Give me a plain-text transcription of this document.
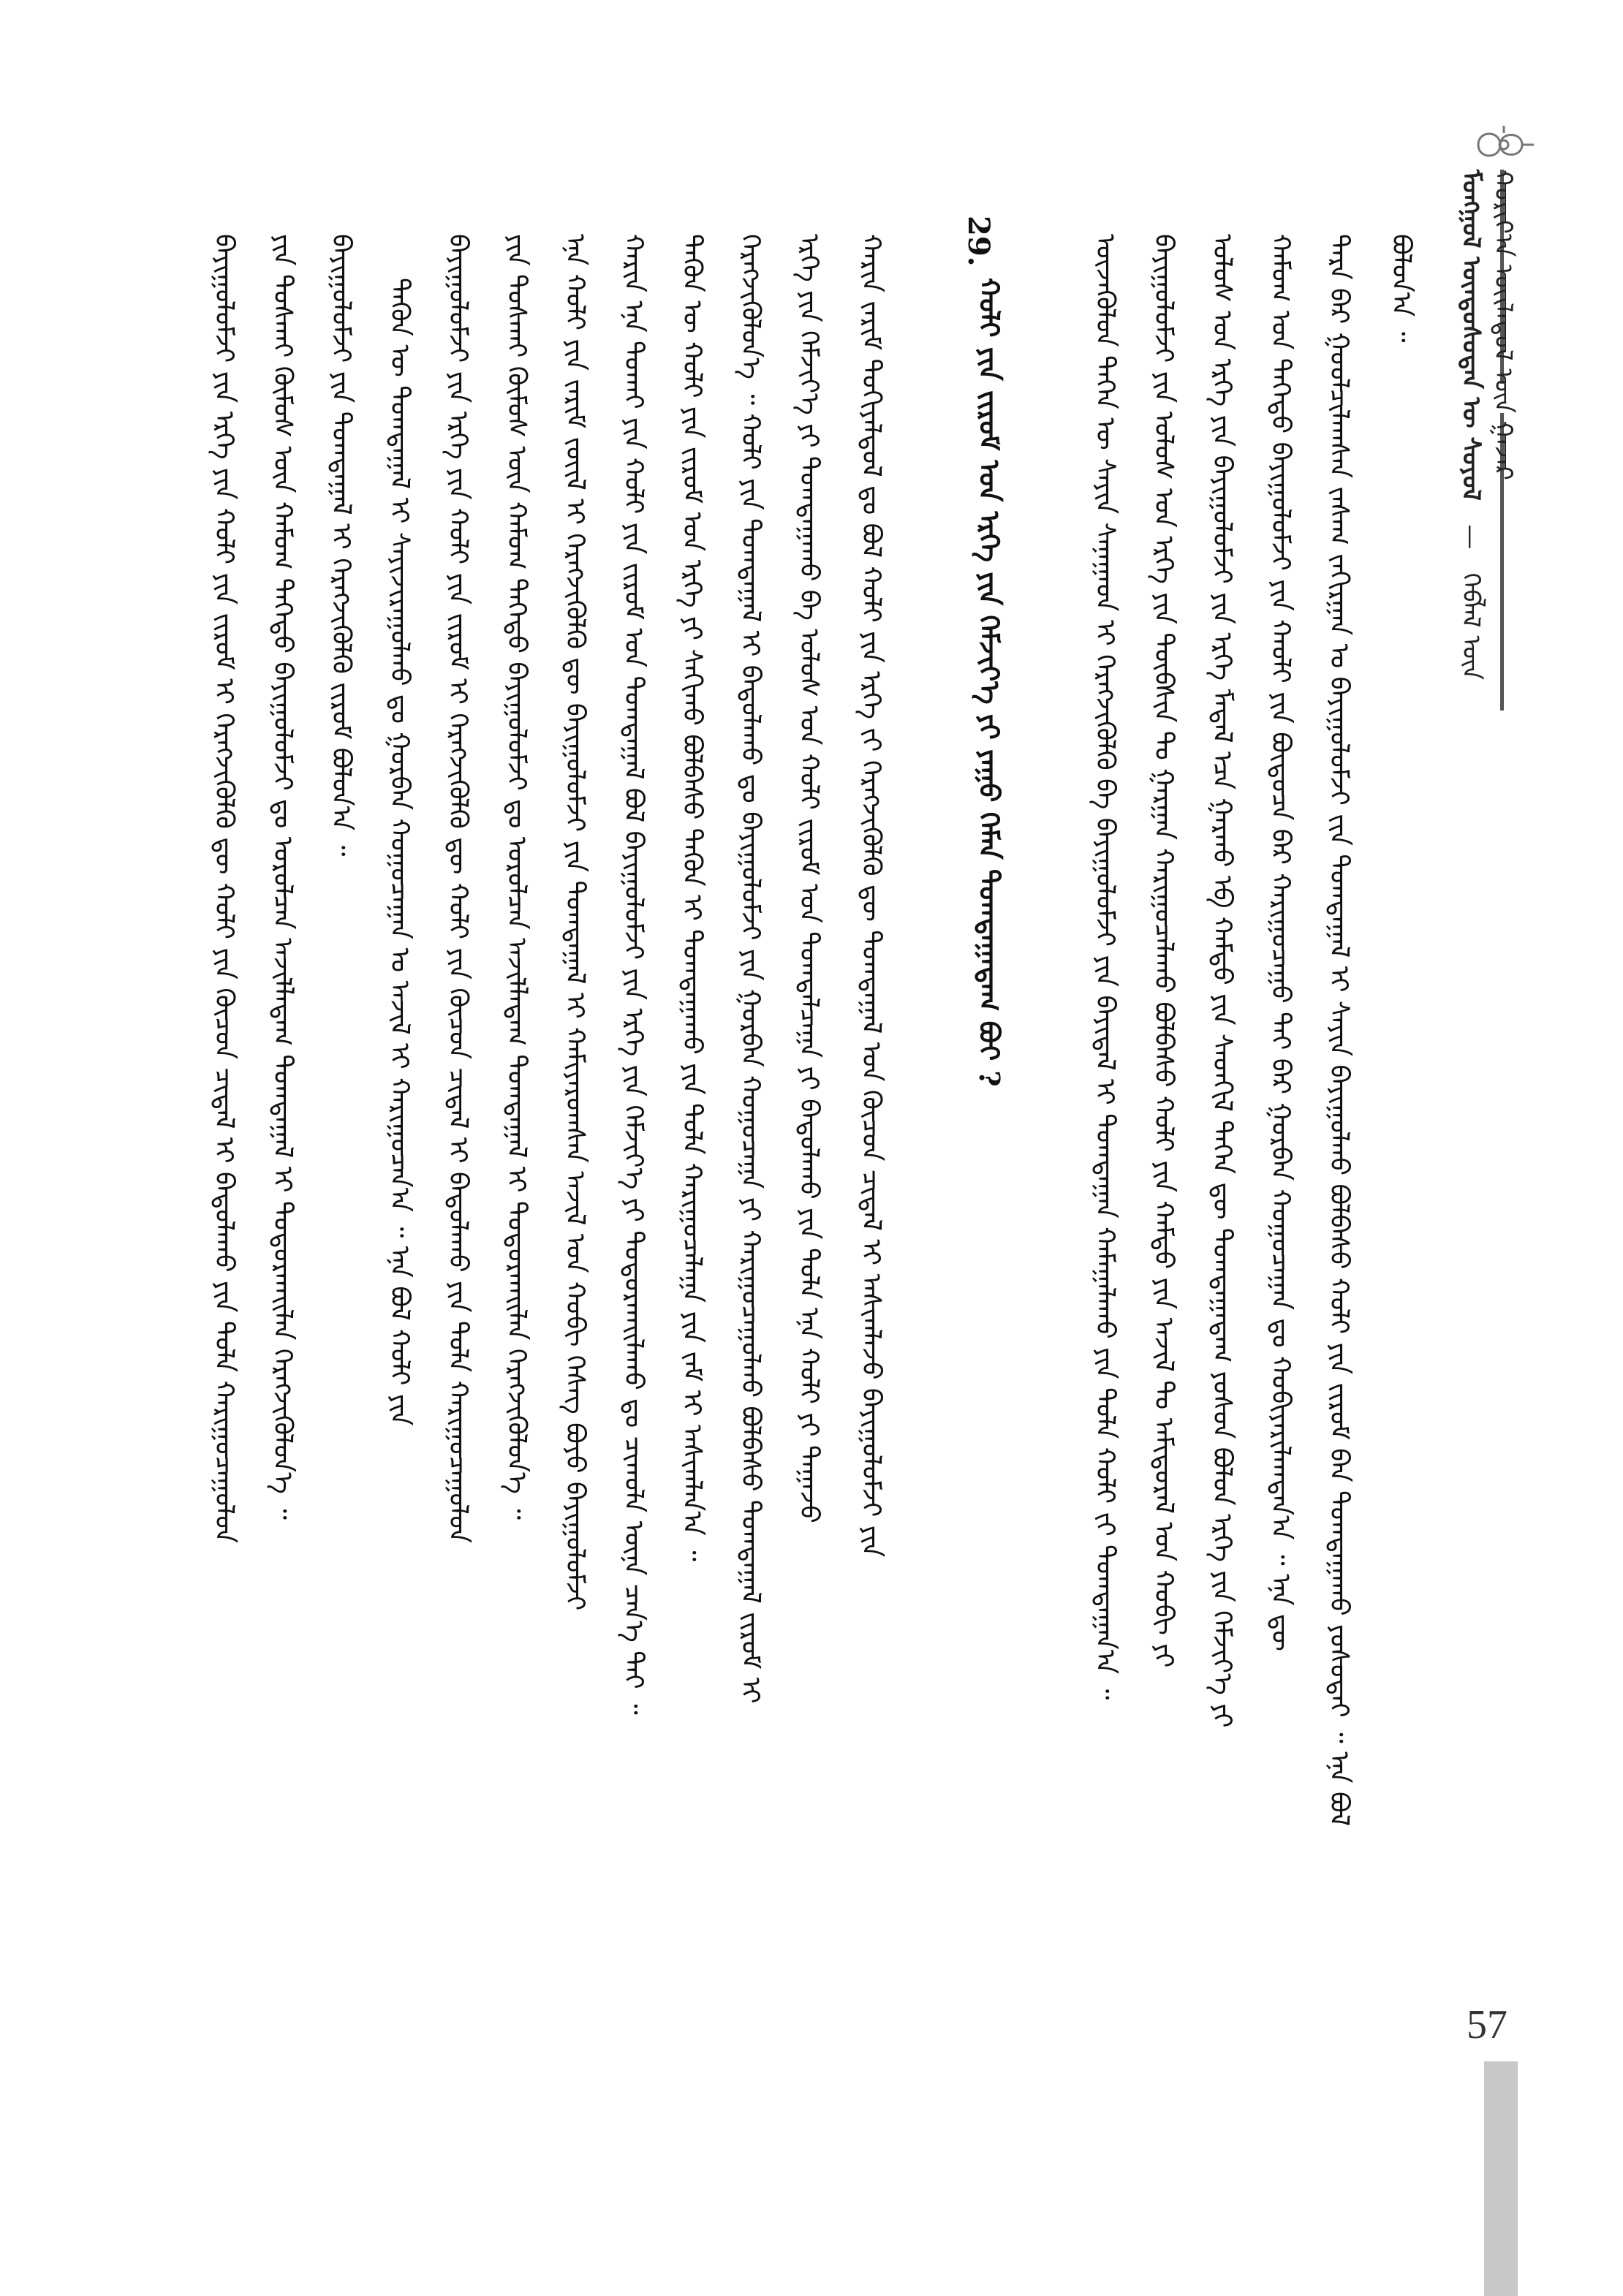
ᠮᠣᠩᠭᠣᠯ ᠦᠨᠳᠦᠰᠦᠲᠡᠨ ᠦ ᠰᠣᠶᠣᠯ   —   ᠬᠡᠪᠯᠡᠯ ᠦᠨ ᠬᠣᠷᠢᠶ᠎ᠠ ᠦᠢᠯᠡᠳᠦᠯ ᠦᠨ ᠭᠠᠵᠠᠷ
ᠪᠣᠯᠤᠨ᠎ᠠ ᠃
ᠲᠡᠷᠡ ᠪᠡᠷ ᠭᠣᠣᠯᠴᠢᠯᠠᠭᠰᠠᠨ ᠵᠠᠰᠠᠭ ᠵᠠᠬᠢᠷᠭᠠᠨ ᠤ ᠪᠠᠶᠢᠭᠤᠯᠤᠮᠵᠢ ᠵᠢᠨ ᠲᠣᠭᠲᠠᠭᠠᠯ ᠢ ᠰᠠᠶᠢᠨ ᠪᠠᠶᠢᠭᠤᠯᠬᠤ ᠪᠣᠯᠪᠠᠰᠤ ᠬᠤᠯᠢ ᠶᠢᠨ ᠵᠢᠷᠤᠮ ᠪᠠᠨ ᠲᠣᠭᠲᠠᠭᠠᠬᠤ ᠶᠣᠰᠣᠲᠠᠢ ᠃ ᠡᠨᠡ ᠪᠣᠯ
ᠬᠠᠮᠤᠭ ᠤᠨ ᠳᠡᠭᠡᠳᠦ ᠪᠠᠶᠢᠭᠤᠯᠤᠮᠵᠢ ᠶᠢᠨ ᠬᠠᠤᠯᠢ ᠶᠢᠨ ᠪᠦᠲᠦᠴᠡ ᠪᠡᠷ ᠬᠠᠷᠢᠭᠤᠴᠠᠭᠤ ᠲᠠᠶ ᠪᠡᠷ ᠭᠤᠷᠪᠠᠨ ᠬᠤᠭᠤᠴᠠᠭᠠᠨ ᠳᠤ ᠬᠤᠪᠢᠶᠠᠷᠢᠯᠠᠭᠳᠠᠨ᠎ᠠ ᠃ ᠡᠨᠡ ᠳᠦ
ᠤᠯᠤᠰ ᠤᠨ ᠡᠷᠬᠡ ᠶᠢᠨ ᠪᠠᠶᠢᠭᠤᠯᠤᠮᠵᠢ ᠶᠢᠨ ᠡᠷᠬᠡ ᠮᠡᠳᠡᠯ ᠡᠴᠡ ᠭᠠᠷᠬᠤ ᠡᠪ ᠬᠠᠮᠲᠤ ᠶᠢᠨ ᠰᠡᠳᠬᠢᠯ ᠲᠡᠭᠡᠨ ᠳᠦ ᠲᠣᠭᠲᠠᠭᠠᠳᠠᠭ ᠶᠣᠰᠣᠨ ᠪᠣᠯᠤᠨ ᠡᠷᠬᠡ ᠶᠢᠨ ᠬᠡᠮᠵᠢᠶ᠎ᠡ ᠶᠢ
ᠪᠠᠶᠢᠭᠤᠯᠤᠮᠵᠢ ᠶᠢᠨ ᠤᠯᠤᠰ ᠤᠨ ᠡᠷᠬᠡ ᠶᠢᠨ ᠲᠦᠪᠰᠢᠨ ᠲᠤ ᠭᠠᠷᠭᠠᠨ ᠬᠠᠷᠢᠭᠤᠴᠠᠯᠠᠬᠤ ᠪᠣᠯᠪᠠᠰᠤ ᠬᠤᠯᠢ ᠶᠢᠨ ᠬᠠᠮᠲᠤ ᠶᠢᠨ ᠠᠵᠢᠯ ᠲᠤ ᠠᠮᠢᠳᠤᠷᠠᠯ ᠤᠨ ᠬᠤᠪᠢ ᠶᠢ
ᠦᠵᠡᠭᠦᠯᠦᠨ ᠲᠡᠭᠡᠨ ᠦ ᠰᠠᠶᠢᠨ ᠰᠠᠨᠠᠭᠠᠳ ᠢ ᠬᠡᠷᠡᠭᠵᠢᠭᠦᠯᠬᠦ ᠪᠠ ᠪᠠᠶᠢᠭᠤᠯᠤᠮᠵᠢ ᠶᠢᠨ ᠪᠠᠶᠢᠳᠠᠯ ᠢ ᠲᠣᠭᠲᠠᠭᠠᠨ ᠬᠠᠮᠠᠭᠠᠯᠠᠬᠤ ᠶᠢᠨ ᠲᠤᠯᠠ ᠬᠤᠯᠢ ᠵᠢ ᠲᠣᠭᠲᠠᠭᠠᠨ᠎ᠠ ᠃
29.
ᠬᠤᠯᠢ ᠶᠢᠨ ᠵᠢᠷᠤᠮ ᠤᠨ ᠡᠷᠬᠡ ᠶᠢᠨ ᠬᠡᠮᠵᠢᠶ᠎ᠡ ᠶᠢ ᠶᠠᠭᠤ ᠬᠡᠮᠡᠨ ᠲᠣᠭᠲᠠᠭᠠᠳᠠᠭ ᠪᠤᠢ ?
ᠬᠠᠷᠢᠨ ᠵᠠᠷᠢᠮ ᠲᠣᠬᠢᠶᠠᠯᠳᠤᠯ ᠳᠤ ᠪᠣᠯ ᠬᠤᠯᠢ ᠶᠢᠨ ᠡᠷᠬᠡ ᠵᠢ ᠬᠡᠷᠡᠭᠵᠢᠭᠦᠯᠬᠦ ᠳᠦ ᠲᠣᠭᠲᠠᠭᠠᠯ ᠤᠨ ᠬᠦᠴᠦᠨ ᠴᠢᠳᠠᠯ ᠢ ᠠᠰᠢᠭᠯᠠᠵᠤ ᠪᠠᠶᠢᠭᠤᠯᠤᠮᠵᠢ ᠶᠢᠨ
ᠡᠷᠬᠡ ᠶᠢᠨ ᠬᠡᠮᠵᠢᠶ᠎ᠡ ᠶᠢ ᠲᠣᠭᠲᠠᠭᠠᠬᠤ ᠪᠠ ᠤᠯᠤᠰ ᠤᠨ ᠬᠤᠯᠢ ᠵᠢᠷᠤᠮ ᠤᠨ ᠲᠣᠭᠲᠠᠯᠴᠠᠭᠠ ᠶᠢ ᠪᠠᠲᠤᠯᠠᠬᠤ ᠶᠢᠨ ᠲᠤᠯᠠ ᠡᠨᠡ ᠬᠤᠯᠢ ᠶᠢ ᠳᠠᠭᠠᠵᠤ
ᠬᠡᠷᠡᠭᠵᠢᠭᠦᠯᠦᠨ᠎ᠡ ᠃ ᠬᠤᠯᠢ ᠶᠢᠨ ᠲᠣᠭᠲᠠᠭᠠᠯ ᠢ ᠪᠠᠲᠤᠯᠠᠬᠤ ᠳᠤ ᠪᠠᠶᠢᠭᠤᠯᠤᠮᠵᠢ ᠶᠢᠨ ᠭᠤᠷᠪᠠᠨ ᠬᠤᠭᠤᠴᠠᠭᠠ ᠶᠢ ᠬᠠᠷᠢᠭᠤᠴᠠᠭᠤᠯᠬᠤ ᠪᠣᠯᠪᠠᠰᠤ ᠲᠣᠭᠲᠠᠭᠠᠯ ᠵᠢᠷᠤᠮ ᠢ
ᠲᠡᠭᠦᠨ ᠦ ᠬᠤᠯᠢ ᠶᠢᠨ ᠵᠢᠷᠤᠮ ᠤᠨ ᠡᠷᠬᠡ ᠶᠢ ᠰᠠᠬᠢᠬᠤ ᠪᠣᠯᠪᠠᠰᠤ ᠲᠡᠭᠦᠨ ᠢ ᠲᠣᠭᠲᠠᠭᠠᠬᠤ ᠶᠢᠨ ᠲᠤᠯᠠ ᠬᠠᠷᠢᠭᠤᠴᠠᠯᠠᠭᠠ ᠶᠢᠨ ᠵᠠᠮ ᠢ ᠠᠰᠢᠭᠯᠠᠨ᠎ᠠ ᠃
ᠬᠠᠷᠢᠨ ᠡᠨᠡ ᠲᠤᠬᠠᠢ ᠶᠢᠨ ᠬᠤᠯᠢ ᠶᠢᠨ ᠵᠢᠷᠤᠮ ᠤᠨ ᠲᠣᠭᠲᠠᠭᠠᠯ ᠪᠣᠯ ᠪᠠᠶᠢᠭᠤᠯᠤᠮᠵᠢ ᠶᠢᠨ ᠡᠷᠬᠡ ᠶᠢᠨ ᠬᠡᠮᠵᠢᠶ᠎ᠡ ᠶᠢ ᠲᠣᠳᠤᠷᠬᠠᠢᠯᠠᠬᠤ ᠳᠤ ᠴᠢᠬᠤᠯᠠ ᠦᠨᠡ ᠴᠡᠨ᠎ᠡ ᠲᠠᠢ ᠃
ᠡᠨᠡ ᠬᠤᠯᠢ ᠶᠢᠨ ᠵᠠᠷᠢᠮ ᠵᠦᠢᠯ ᠢ ᠬᠡᠷᠡᠭᠵᠢᠭᠦᠯᠬᠦ ᠳᠦ ᠪᠠᠶᠢᠭᠤᠯᠤᠮᠵᠢ ᠶᠢᠨ ᠲᠣᠭᠲᠠᠭᠠᠯ ᠢ ᠬᠠᠮᠢᠶᠠᠷᠤᠭᠰᠠᠨ ᠠᠵᠢᠯ ᠤᠨ ᠬᠤᠪᠢ ᠬᠡᠰᠡᠭ ᠪᠤᠶᠤ ᠪᠠᠶᠢᠭᠤᠯᠤᠮᠵᠢ
ᠶᠢᠨ ᠲᠤᠰᠬᠠᠢ ᠬᠦᠮᠦᠰ ᠦᠨ ᠬᠠᠮᠤᠭ ᠳᠡᠭᠡᠳᠦ ᠪᠠᠶᠢᠭᠤᠯᠤᠮᠵᠢ ᠳᠤ ᠣᠷᠤᠯᠴᠠᠨ ᠠᠵᠢᠯᠯᠠᠳᠠᠭ ᠲᠣᠭᠲᠠᠭᠠᠯ ᠢ ᠲᠣᠳᠤᠷᠬᠠᠢᠯᠠᠨ ᠬᠡᠷᠡᠭᠵᠢᠭᠦᠯᠦᠨ᠎ᠡ ᠃
ᠪᠠᠶᠢᠭᠤᠯᠤᠮᠵᠢ ᠶᠢᠨ ᠡᠷᠬᠡ ᠶᠢᠨ ᠬᠤᠯᠢ ᠶᠢᠨ ᠵᠢᠷᠤᠮ ᠢ ᠬᠡᠷᠡᠭᠵᠢᠭᠦᠯᠬᠦ ᠳᠦ ᠬᠤᠯᠢ ᠶᠢᠨ ᠬᠦᠴᠦᠨ ᠴᠢᠳᠠᠯ ᠢ ᠪᠠᠲᠤᠯᠠᠬᠤ ᠶᠢᠨ ᠲᠤᠯᠠ ᠬᠠᠷᠢᠭᠤᠴᠠᠭᠤᠯᠤᠨ
ᠲᠡᠭᠦᠨ ᠦ ᠲᠣᠭᠲᠠᠭᠠᠯ ᠢ ᠰᠠᠶᠢᠵᠢᠷᠠᠭᠤᠯᠬᠤ ᠳᠤ ᠭᠤᠷᠪᠠᠨ ᠬᠤᠭᠤᠴᠠᠭᠠᠨ ᠤ ᠠᠵᠢᠯ ᠢ ᠬᠠᠷᠢᠭᠤᠴᠠᠨ᠎ᠠ ᠃ ᠡᠨᠡ ᠪᠣᠯ ᠬᠤᠯᠢ ᠶᠢᠨ
ᠪᠠᠶᠢᠭᠤᠯᠤᠮᠵᠢ ᠶᠢᠨ ᠲᠣᠭᠲᠠᠭᠠᠯ ᠢ ᠬᠡᠷᠡᠭᠵᠢᠭᠦᠯᠬᠦ ᠵᠢᠷᠤᠮ ᠪᠣᠯᠤᠨ᠎ᠠ ᠃
ᠶᠢᠨ ᠲᠤᠰᠬᠠᠢ ᠬᠦᠮᠦᠰ ᠦᠨ ᠬᠠᠮᠤᠭ ᠳᠡᠭᠡᠳᠦ ᠪᠠᠶᠢᠭᠤᠯᠤᠮᠵᠢ ᠳᠤ ᠣᠷᠤᠯᠴᠠᠨ ᠠᠵᠢᠯᠯᠠᠳᠠᠭ ᠲᠣᠭᠲᠠᠭᠠᠯ ᠢ ᠲᠣᠳᠤᠷᠬᠠᠢᠯᠠᠨ ᠬᠡᠷᠡᠭᠵᠢᠭᠦᠯᠦᠨ᠎ᠡ ᠃
ᠪᠠᠶᠢᠭᠤᠯᠤᠮᠵᠢ ᠶᠢᠨ ᠡᠷᠬᠡ ᠶᠢᠨ ᠬᠤᠯᠢ ᠶᠢᠨ ᠵᠢᠷᠤᠮ ᠢ ᠬᠡᠷᠡᠭᠵᠢᠭᠦᠯᠬᠦ ᠳᠦ ᠬᠤᠯᠢ ᠶᠢᠨ ᠬᠦᠴᠦᠨ ᠴᠢᠳᠠᠯ ᠢ ᠪᠠᠲᠤᠯᠠᠬᠤ ᠶᠢᠨ ᠲᠤᠯᠠ ᠬᠠᠷᠢᠭᠤᠴᠠᠭᠤᠯᠤᠨ
57
